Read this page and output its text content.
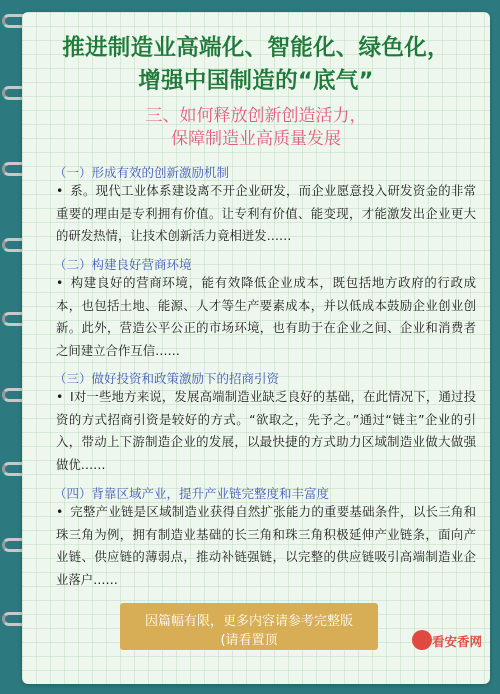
推进制造业高端化、智能化、绿色化，
增强中国制造的“底气”
三、如何释放创新创造活力，
保障制造业高质量发展
（一）形成有效的创新激励机制
• 系。现代工业体系建设离不开企业研发，而企业愿意投入研发资金的非常重要的理由是专利拥有价值。让专利有价值、能变现，才能激发出企业更大的研发热情，让技术创新活力竟相迸发……
（二）构建良好营商环境
• 构建良好的营商环境，能有效降低企业成本，既包括地方政府的行政成本，也包括土地、能源、人才等生产要素成本，并以低成本鼓励企业创业创新。此外，营造公平公正的市场环境，也有助于在企业之间、企业和消费者之间建立合作互信……
（三）做好投资和政策激励下的招商引资
• I对一些地方来说，发展高端制造业缺乏良好的基础，在此情况下，通过投资的方式招商引资是较好的方式。“欲取之，先予之。”通过“链主”企业的引入，带动上下游制造企业的发展，以最快捷的方式助力区域制造业做大做强做优……
（四）背靠区域产业，提升产业链完整度和丰富度
• 完整产业链是区域制造业获得自然扩张能力的重要基础条件，以长三角和珠三角为例，拥有制造业基础的长三角和珠三角积极延伸产业链条，面向产业链、供应链的薄弱点，推动补链强链，以完整的供应链吸引高端制造业企业落户……
因篇幅有限，更多内容请参考完整版
(请看置顶	看安香网
